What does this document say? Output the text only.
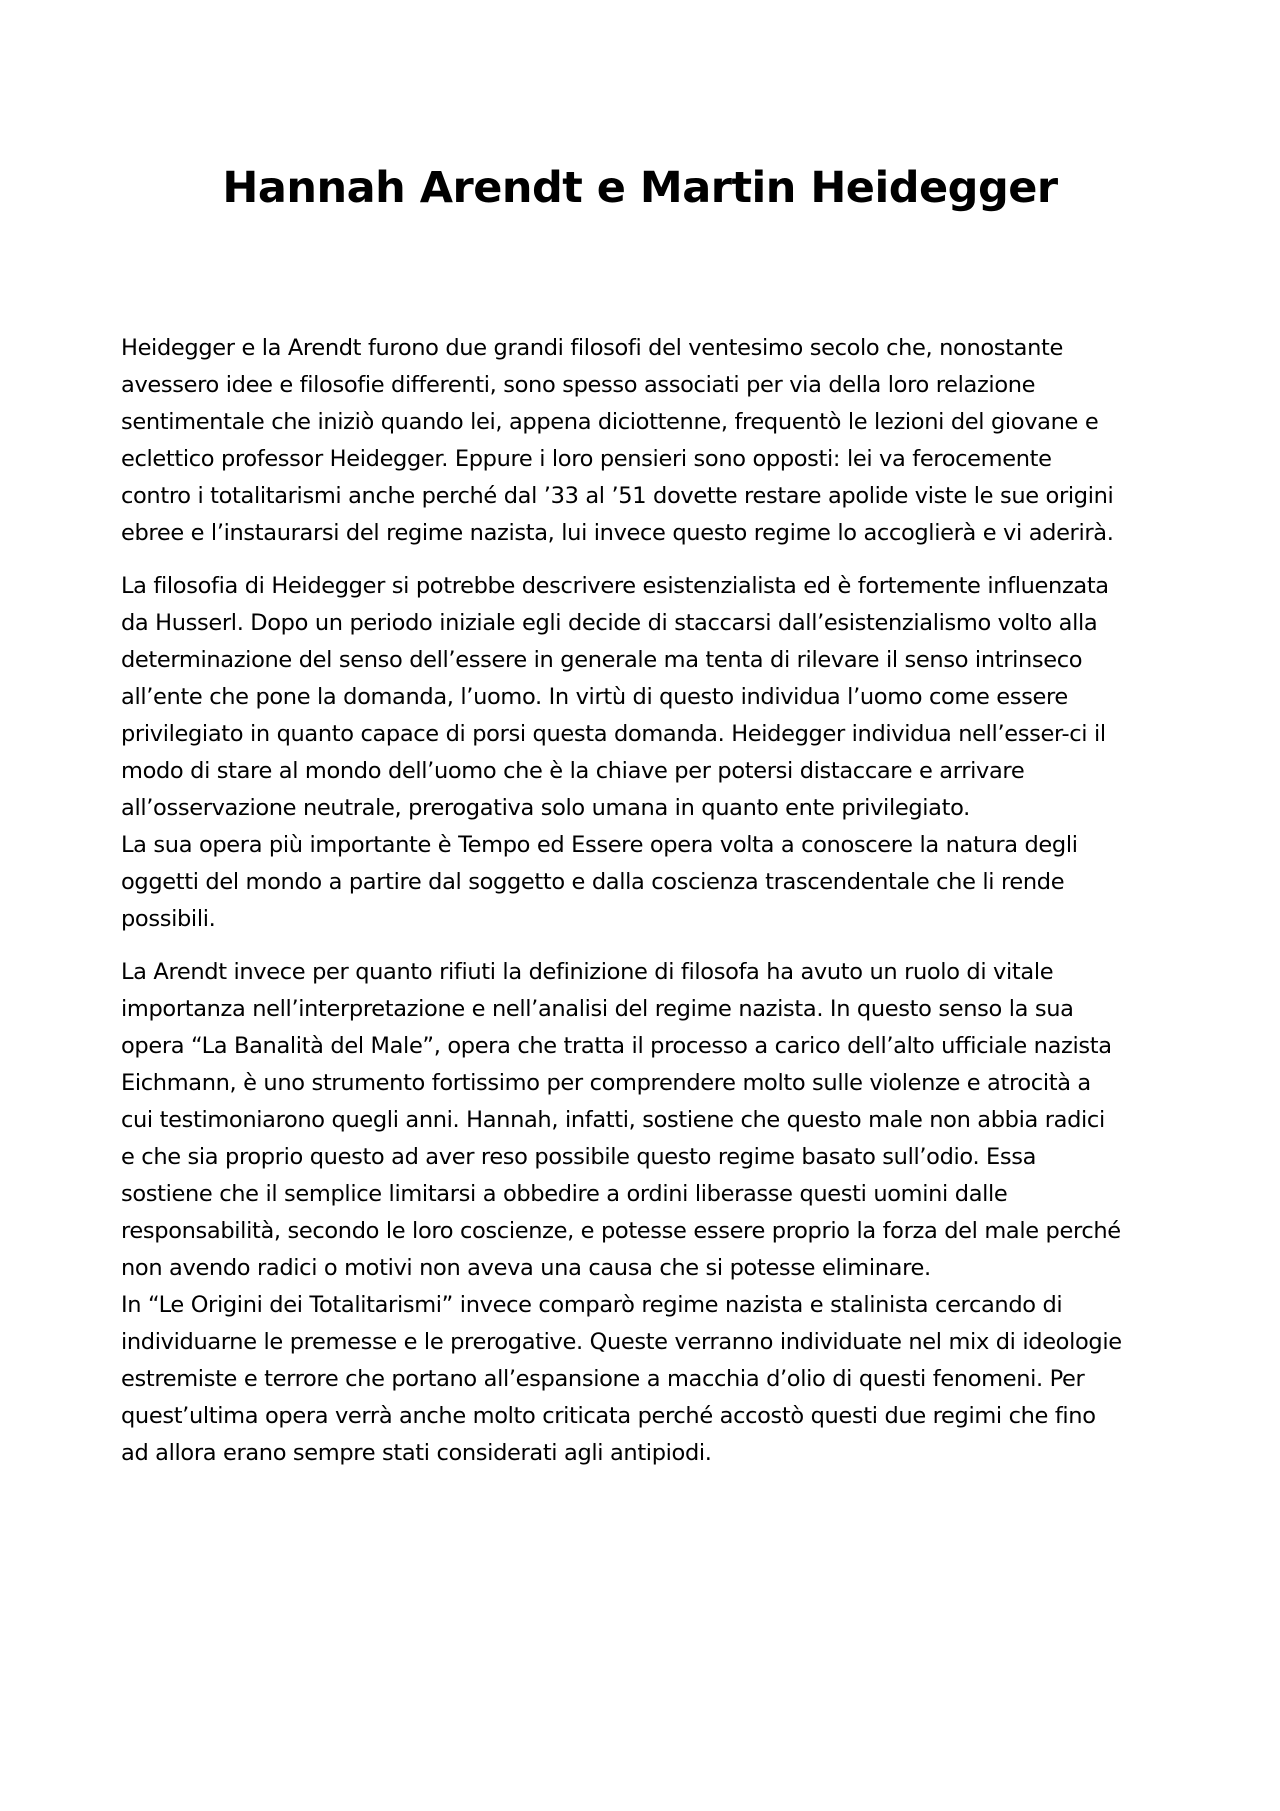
Hannah Arendt e Martin Heidegger

Heidegger e la Arendt furono due grandi filosofi del ventesimo secolo che, nonostante
avessero idee e filosofie differenti, sono spesso associati per via della loro relazione
sentimentale che iniziò quando lei, appena diciottenne, frequentò le lezioni del giovane e
eclettico professor Heidegger. Eppure i loro pensieri sono opposti: lei va ferocemente
contro i totalitarismi anche perché dal ’33 al ’51 dovette restare apolide viste le sue origini
ebree e l’instaurarsi del regime nazista, lui invece questo regime lo accoglierà e vi aderirà.

La filosofia di Heidegger si potrebbe descrivere esistenzialista ed è fortemente influenzata
da Husserl. Dopo un periodo iniziale egli decide di staccarsi dall’esistenzialismo volto alla
determinazione del senso dell’essere in generale ma tenta di rilevare il senso intrinseco
all’ente che pone la domanda, l’uomo. In virtù di questo individua l’uomo come essere
privilegiato in quanto capace di porsi questa domanda. Heidegger individua nell’esser-ci il
modo di stare al mondo dell’uomo che è la chiave per potersi distaccare e arrivare
all’osservazione neutrale, prerogativa solo umana in quanto ente privilegiato.
La sua opera più importante è Tempo ed Essere opera volta a conoscere la natura degli
oggetti del mondo a partire dal soggetto e dalla coscienza trascendentale che li rende
possibili.

La Arendt invece per quanto rifiuti la definizione di filosofa ha avuto un ruolo di vitale
importanza nell’interpretazione e nell’analisi del regime nazista. In questo senso la sua
opera “La Banalità del Male”, opera che tratta il processo a carico dell’alto ufficiale nazista
Eichmann, è uno strumento fortissimo per comprendere molto sulle violenze e atrocità a
cui testimoniarono quegli anni. Hannah, infatti, sostiene che questo male non abbia radici
e che sia proprio questo ad aver reso possibile questo regime basato sull’odio. Essa
sostiene che il semplice limitarsi a obbedire a ordini liberasse questi uomini dalle
responsabilità, secondo le loro coscienze, e potesse essere proprio la forza del male perché
non avendo radici o motivi non aveva una causa che si potesse eliminare.
In “Le Origini dei Totalitarismi” invece comparò regime nazista e stalinista cercando di
individuarne le premesse e le prerogative. Queste verranno individuate nel mix di ideologie
estremiste e terrore che portano all’espansione a macchia d’olio di questi fenomeni. Per
quest’ultima opera verrà anche molto criticata perché accostò questi due regimi che fino
ad allora erano sempre stati considerati agli antipiodi.
